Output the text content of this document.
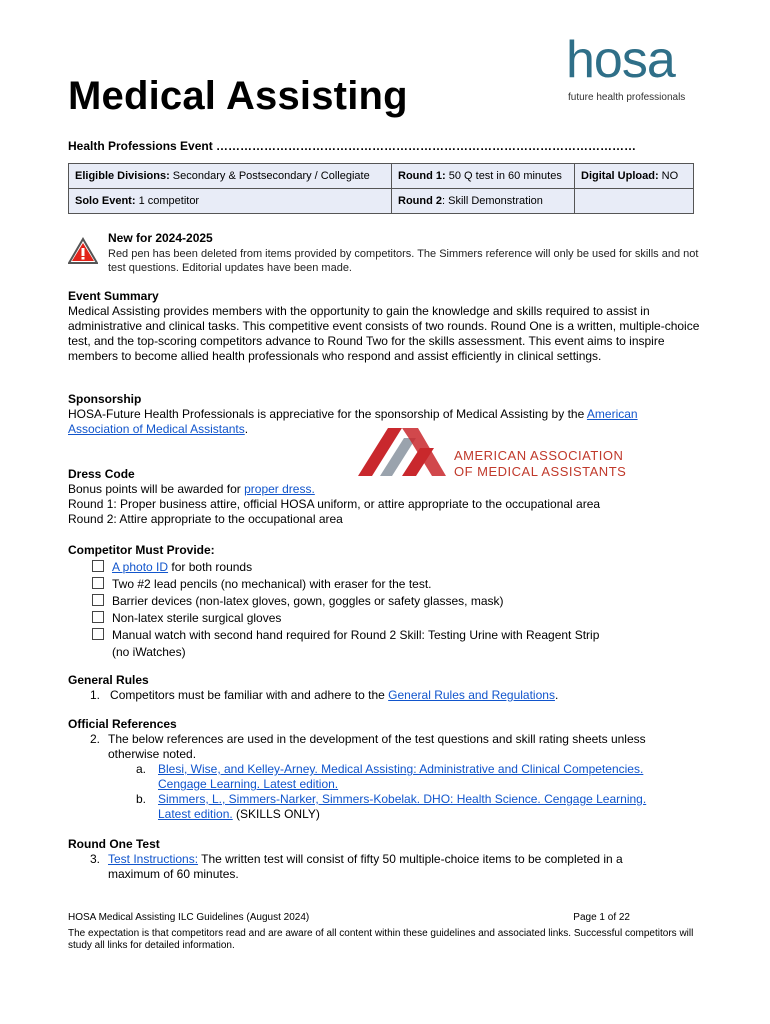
Medical Assisting
hosa
future health professionals
Health Professions Event ……………………………………………………………………………………………
Eligible Divisions: Secondary & Postsecondary / Collegiate	Round 1: 50 Q test in 60 minutes	Digital Upload: NO
Solo Event: 1 competitor	Round 2: Skill Demonstration	
New for 2024-2025
Red pen has been deleted from items provided by competitors. The Simmers reference will only be used for skills and not test questions. Editorial updates have been made.
Event Summary
Medical Assisting provides members with the opportunity to gain the knowledge and skills required to assist in administrative and clinical tasks. This competitive event consists of two rounds. Round One is a written, multiple-choice test, and the top-scoring competitors advance to Round Two for the skills assessment. This event aims to inspire members to become allied health professionals who respond and assist efficiently in clinical settings.
Sponsorship
HOSA-Future Health Professionals is appreciative for the sponsorship of Medical Assisting by the American Association of Medical Assistants.
AMERICAN ASSOCIATION
OF MEDICAL ASSISTANTS
Dress Code
Bonus points will be awarded for proper dress.
Round 1: Proper business attire, official HOSA uniform, or attire appropriate to the occupational area
Round 2: Attire appropriate to the occupational area
Competitor Must Provide:
A photo ID for both rounds
Two #2 lead pencils (no mechanical) with eraser for the test.
Barrier devices (non-latex gloves, gown, goggles or safety glasses, mask)
Non-latex sterile surgical gloves
Manual watch with second hand required for Round 2 Skill: Testing Urine with Reagent Strip
(no iWatches)
General Rules
1. Competitors must be familiar with and adhere to the General Rules and Regulations.
Official References
2. The below references are used in the development of the test questions and skill rating sheets unless otherwise noted.
a. Blesi, Wise, and Kelley-Arney. Medical Assisting: Administrative and Clinical Competencies. Cengage Learning. Latest edition.
b. Simmers, L., Simmers-Narker, Simmers-Kobelak. DHO: Health Science. Cengage Learning. Latest edition. (SKILLS ONLY)
Round One Test
3. Test Instructions: The written test will consist of fifty 50 multiple-choice items to be completed in a maximum of 60 minutes.
HOSA Medical Assisting ILC Guidelines (August 2024)	Page 1 of 22
The expectation is that competitors read and are aware of all content within these guidelines and associated links. Successful competitors will study all links for detailed information.
